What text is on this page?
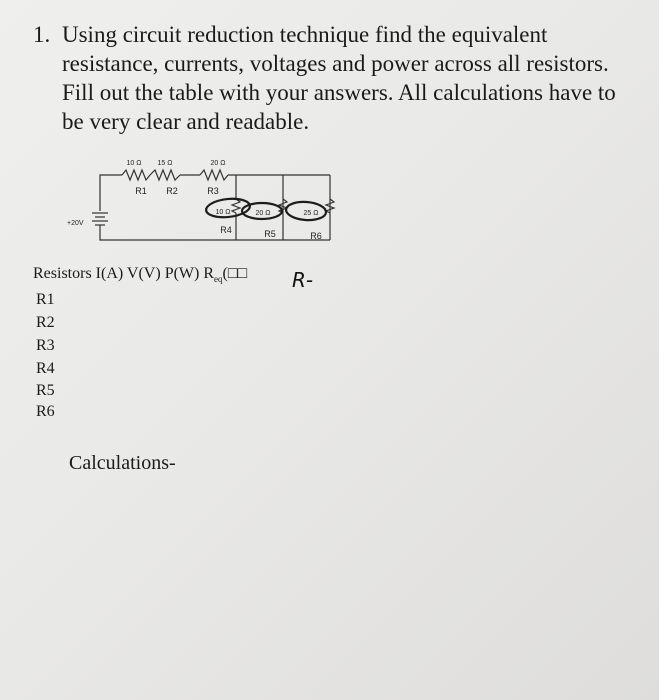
1. Using circuit reduction technique find the equivalent
resistance, currents, voltages and power across all resistors.
Fill out the table with your answers. All calculations have to
be very clear and readable.
10 Ω 15 Ω	20 Ω
R1 R2	R3
10 Ω	20 Ω	25 Ω
R4	R5	R6
+20V
Resistors I(A) V(V) P(W) $R_{eq}(□□$
R1
R2
R3
R4
R5
R6
Calculations-
R-
